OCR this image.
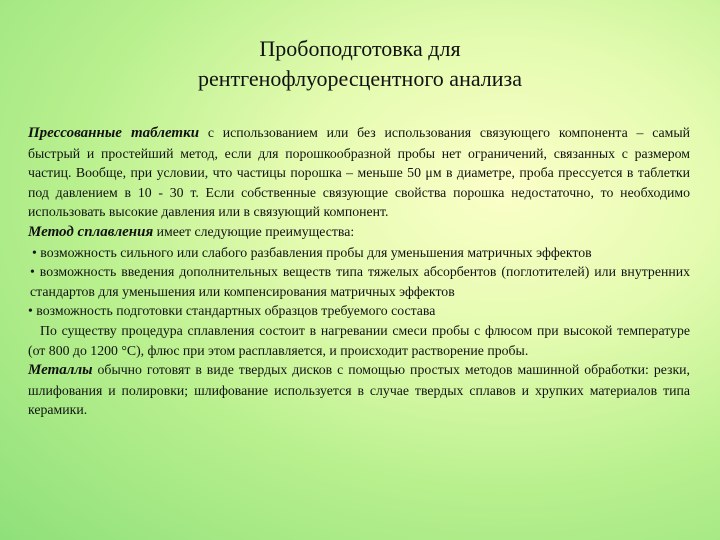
Пробоподготовка для
рентгенофлуоресцентного анализа

Прессованные таблетки с использованием или без использования связующего компонента – самый быстрый и простейший метод, если для порошкообразной пробы нет ограничений, связанных с размером частиц. Вообще, при условии, что частицы порошка – меньше 50 μм в диаметре, проба прессуется в таблетки под давлением в 10 - 30 т. Если собственные связующие свойства порошка недостаточно, то необходимо использовать высокие давления или в связующий компонент.

Метод сплавления имеет следующие преимущества:

• возможность сильного или слабого разбавления пробы для уменьшения матричных эффектов

• возможность введения дополнительных веществ типа тяжелых абсорбентов (поглотителей) или внутренних стандартов для уменьшения или компенсирования матричных эффектов

• возможность подготовки стандартных образцов требуемого состава

По существу процедура сплавления состоит в нагревании смеси пробы с флюсом при высокой температуре (от 800 до 1200 °С), флюс при этом расплавляется, и происходит растворение пробы.

Металлы обычно готовят в виде твердых дисков с помощью простых методов машинной обработки: резки, шлифования и полировки; шлифование используется в случае твердых сплавов и хрупких материалов типа керамики.
